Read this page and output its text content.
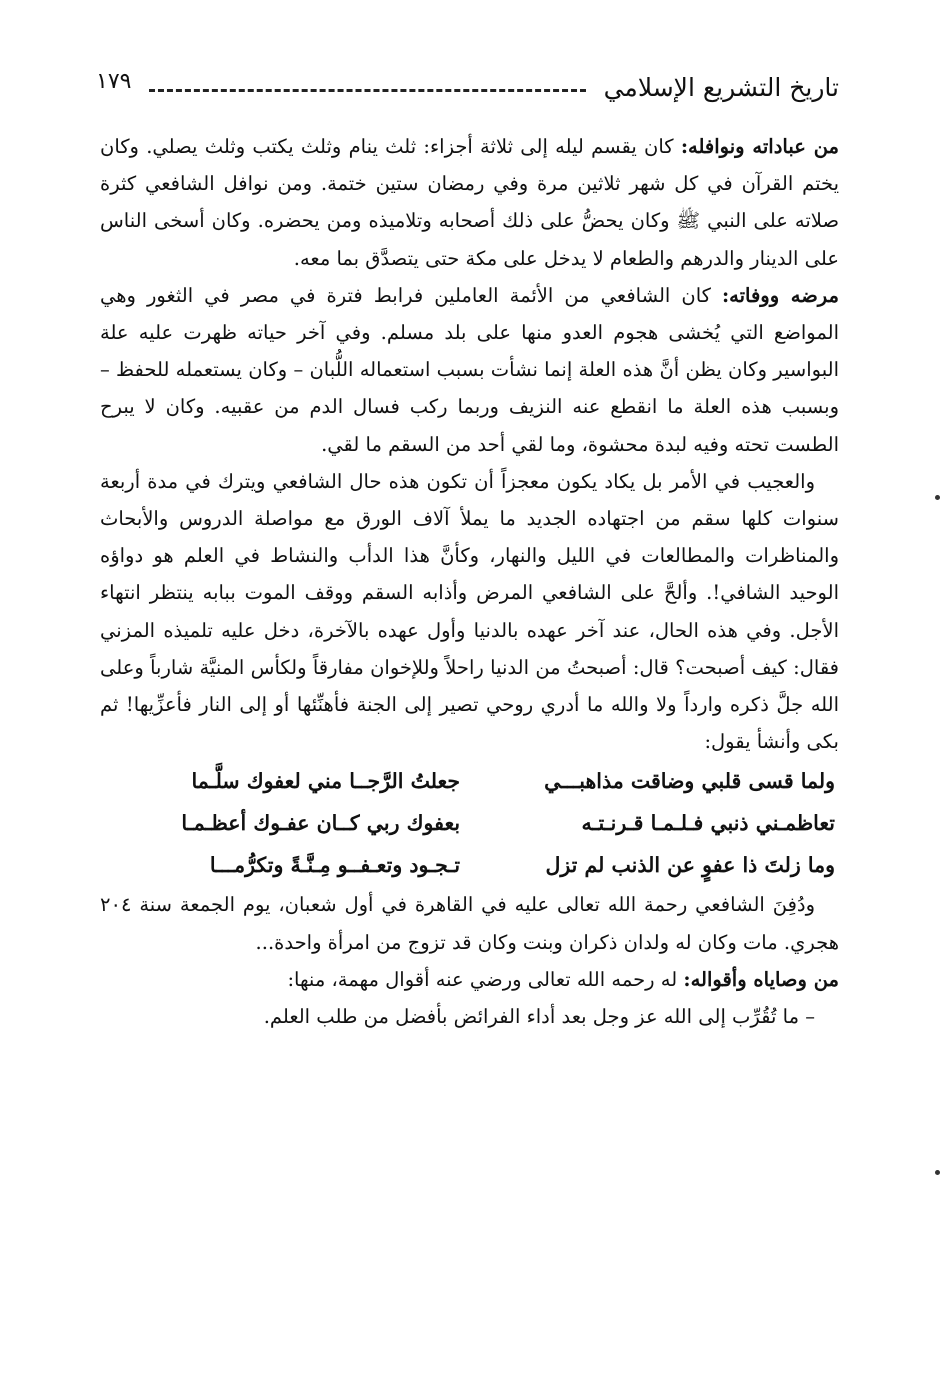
تاريخ التشريع الإسلامي
١٧٩

من عباداته ونوافله: كان يقسم ليله إلى ثلاثة أجزاء: ثلث ينام وثلث يكتب وثلث يصلي. وكان يختم القرآن في كل شهر ثلاثين مرة وفي رمضان ستين ختمة. ومن نوافل الشافعي كثرة صلاته على النبي ﷺ وكان يحضُّ على ذلك أصحابه وتلاميذه ومن يحضره. وكان أسخى الناس على الدينار والدرهم والطعام لا يدخل على مكة حتى يتصدَّق بما معه.

مرضه ووفاته: كان الشافعي من الأئمة العاملين فرابط فترة في مصر في الثغور وهي المواضع التي يُخشى هجوم العدو منها على بلد مسلم. وفي آخر حياته ظهرت عليه علة البواسير وكان يظن أنَّ هذه العلة إنما نشأت بسبب استعماله اللُّبان – وكان يستعمله للحفظ – وبسبب هذه العلة ما انقطع عنه النزيف وربما ركب فسال الدم من عقبيه. وكان لا يبرح الطست تحته وفيه لبدة محشوة، وما لقي أحد من السقم ما لقي.

والعجيب في الأمر بل يكاد يكون معجزاً أن تكون هذه حال الشافعي ويترك في مدة أربعة سنوات كلها سقم من اجتهاده الجديد ما يملأ آلاف الورق مع مواصلة الدروس والأبحاث والمناظرات والمطالعات في الليل والنهار، وكأنَّ هذا الدأب والنشاط في العلم هو دواؤه الوحيد الشافي!. وألحَّ على الشافعي المرض وأذابه السقم ووقف الموت ببابه ينتظر انتهاء الأجل. وفي هذه الحال، عند آخر عهده بالدنيا وأول عهده بالآخرة، دخل عليه تلميذه المزني فقال: كيف أصبحت؟ قال: أصبحتُ من الدنيا راحلاً وللإخوان مفارقاً ولكأس المنيَّة شارباً وعلى الله جلَّ ذكره وارداً ولا والله ما أدري روحي تصير إلى الجنة فأهنِّئها أو إلى النار فأعزِّيها! ثم بكى وأنشأ يقول:

ولما قسى قلبي وضاقت مذاهبـــي
جعلتُ الرَّجــا مني لعفوك سلَّـما
تعاظمـني ذنبي فـلـمـا قـرنـتـه
بعفوك ربي كــان عفـوك أعظـمـا
وما زلتَ ذا عفوٍ عن الذنب لم تزل
تـجـود وتعـفــو مِـنَّـةً وتكرُّمـــا

ودُفِنَ الشافعي رحمة الله تعالى عليه في القاهرة في أول شعبان، يوم الجمعة سنة ٢٠٤ هجري. مات وكان له ولدان ذكران وبنت وكان قد تزوج من امرأة واحدة...

من وصاياه وأقواله: له رحمه الله تعالى ورضي عنه أقوال مهمة، منها:

– ما تُقُرِّب إلى الله عز وجل بعد أداء الفرائض بأفضل من طلب العلم.
